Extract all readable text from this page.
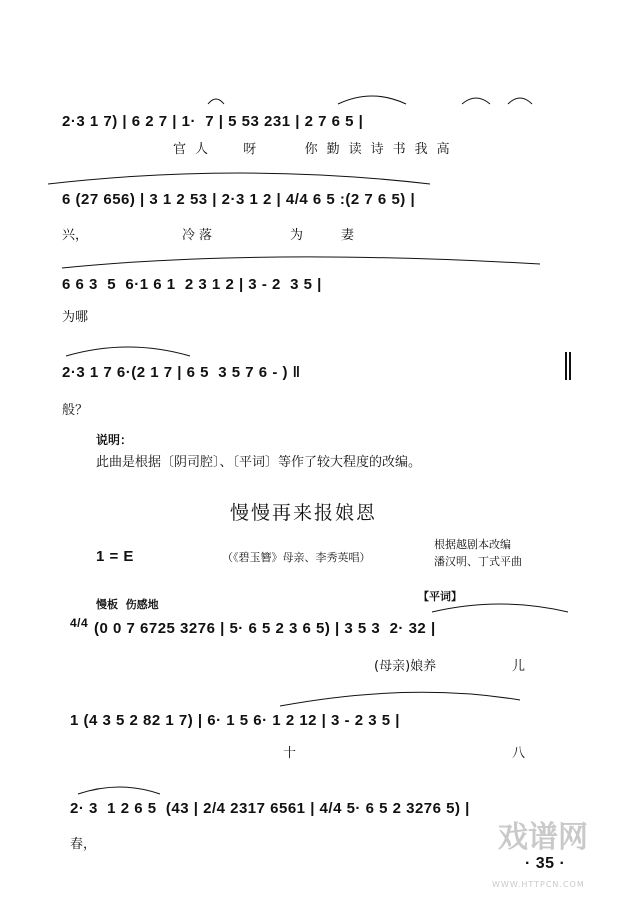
2·3 1 7) | 6 2 7 | 1·  7 | 5 53 231 | 2 7 6 5 |
官人  呀   你勤读诗书我高
6 (27 656) | 3 1 2 53 | 2·3 1 2 | 4/4 6 5 :(2 7 6 5) |
兴，	冷落	为妻
6 6 3  5  6·1 6 1  2 3 1 2 | 3 - 2  3 5 |
为哪
2·3 1 7 6·(2 1 7 | 6 5  3 5 7 6 - ) ‖
般？
说明：
此曲是根据〔阴司腔〕、〔平词〕等作了较大程度的改编。
慢慢再来报娘恩
1 = E	（《碧玉簪》母亲、李秀英唱）
根据越剧本改编
潘汉明、丁式平曲
慢板  伤感地
【平词】
4/4 (0 0 7 6725 3276 | 5· 6 5 2 3 6 5) | 3 5 3  2· 32 |
(母亲)娘养	儿
1 (4 3 5 2 82 1 7) | 6· 1 5 6· 1 2 12 | 3 - 2 3 5 |
十	八
2· 3  1 2 6 5  (43 | 2/4 2317 6561 | 4/4 5· 6 5 2 3276 5) |
春，
· 35 ·
戏谱网
WWW.HTTPCN.COM
